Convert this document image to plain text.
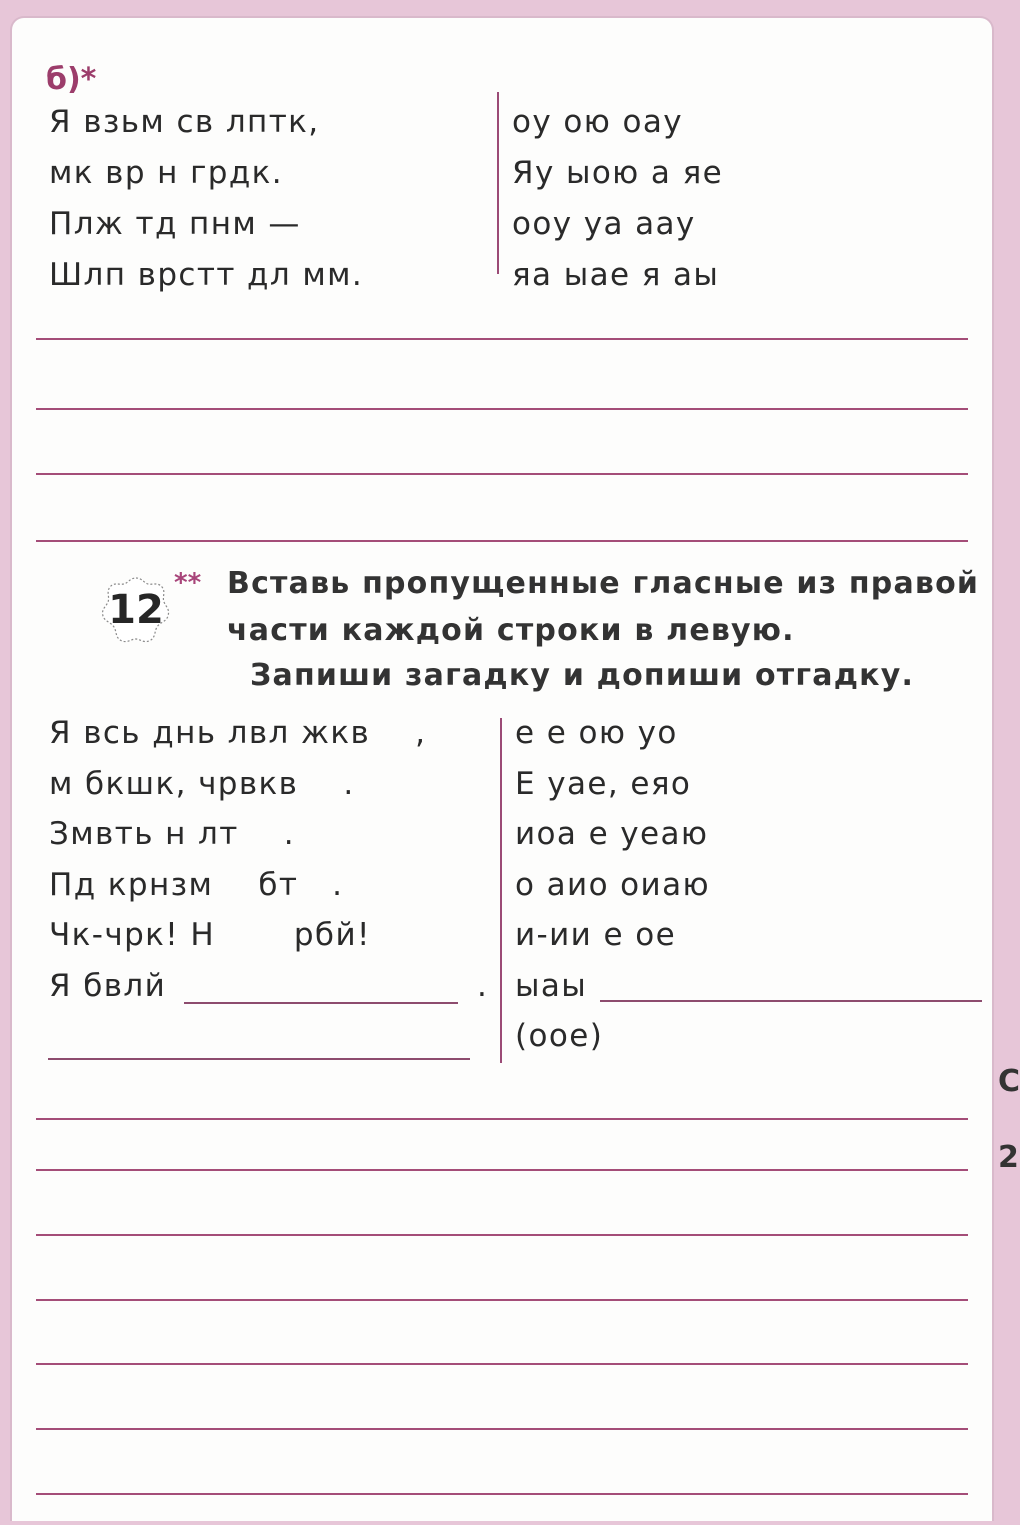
б)*
Я взьм св лптк,
мк вр н грдк.
Плж тд пнм —
Шлп врстт дл мм.
оу ою оау
Яу ыою а яе
ооу уа аау
яа ыае я аы
12
** Вставь пропущенные гласные из правой
части каждой строки в левую.
Запиши загадку и допиши отгадку.
Я всь днь лвл жкв    ,
м бкшк, чрвкв    .
Змвть н лт    .
Пд крнзм    бт   .
Чк-чрк! Н       рбй!
Я бвлй	.
е е ою уо
Е уае, еяо
иоа е уеаю
о аио оиаю
и-ии е ое
ыаы
(оое)
С
2
